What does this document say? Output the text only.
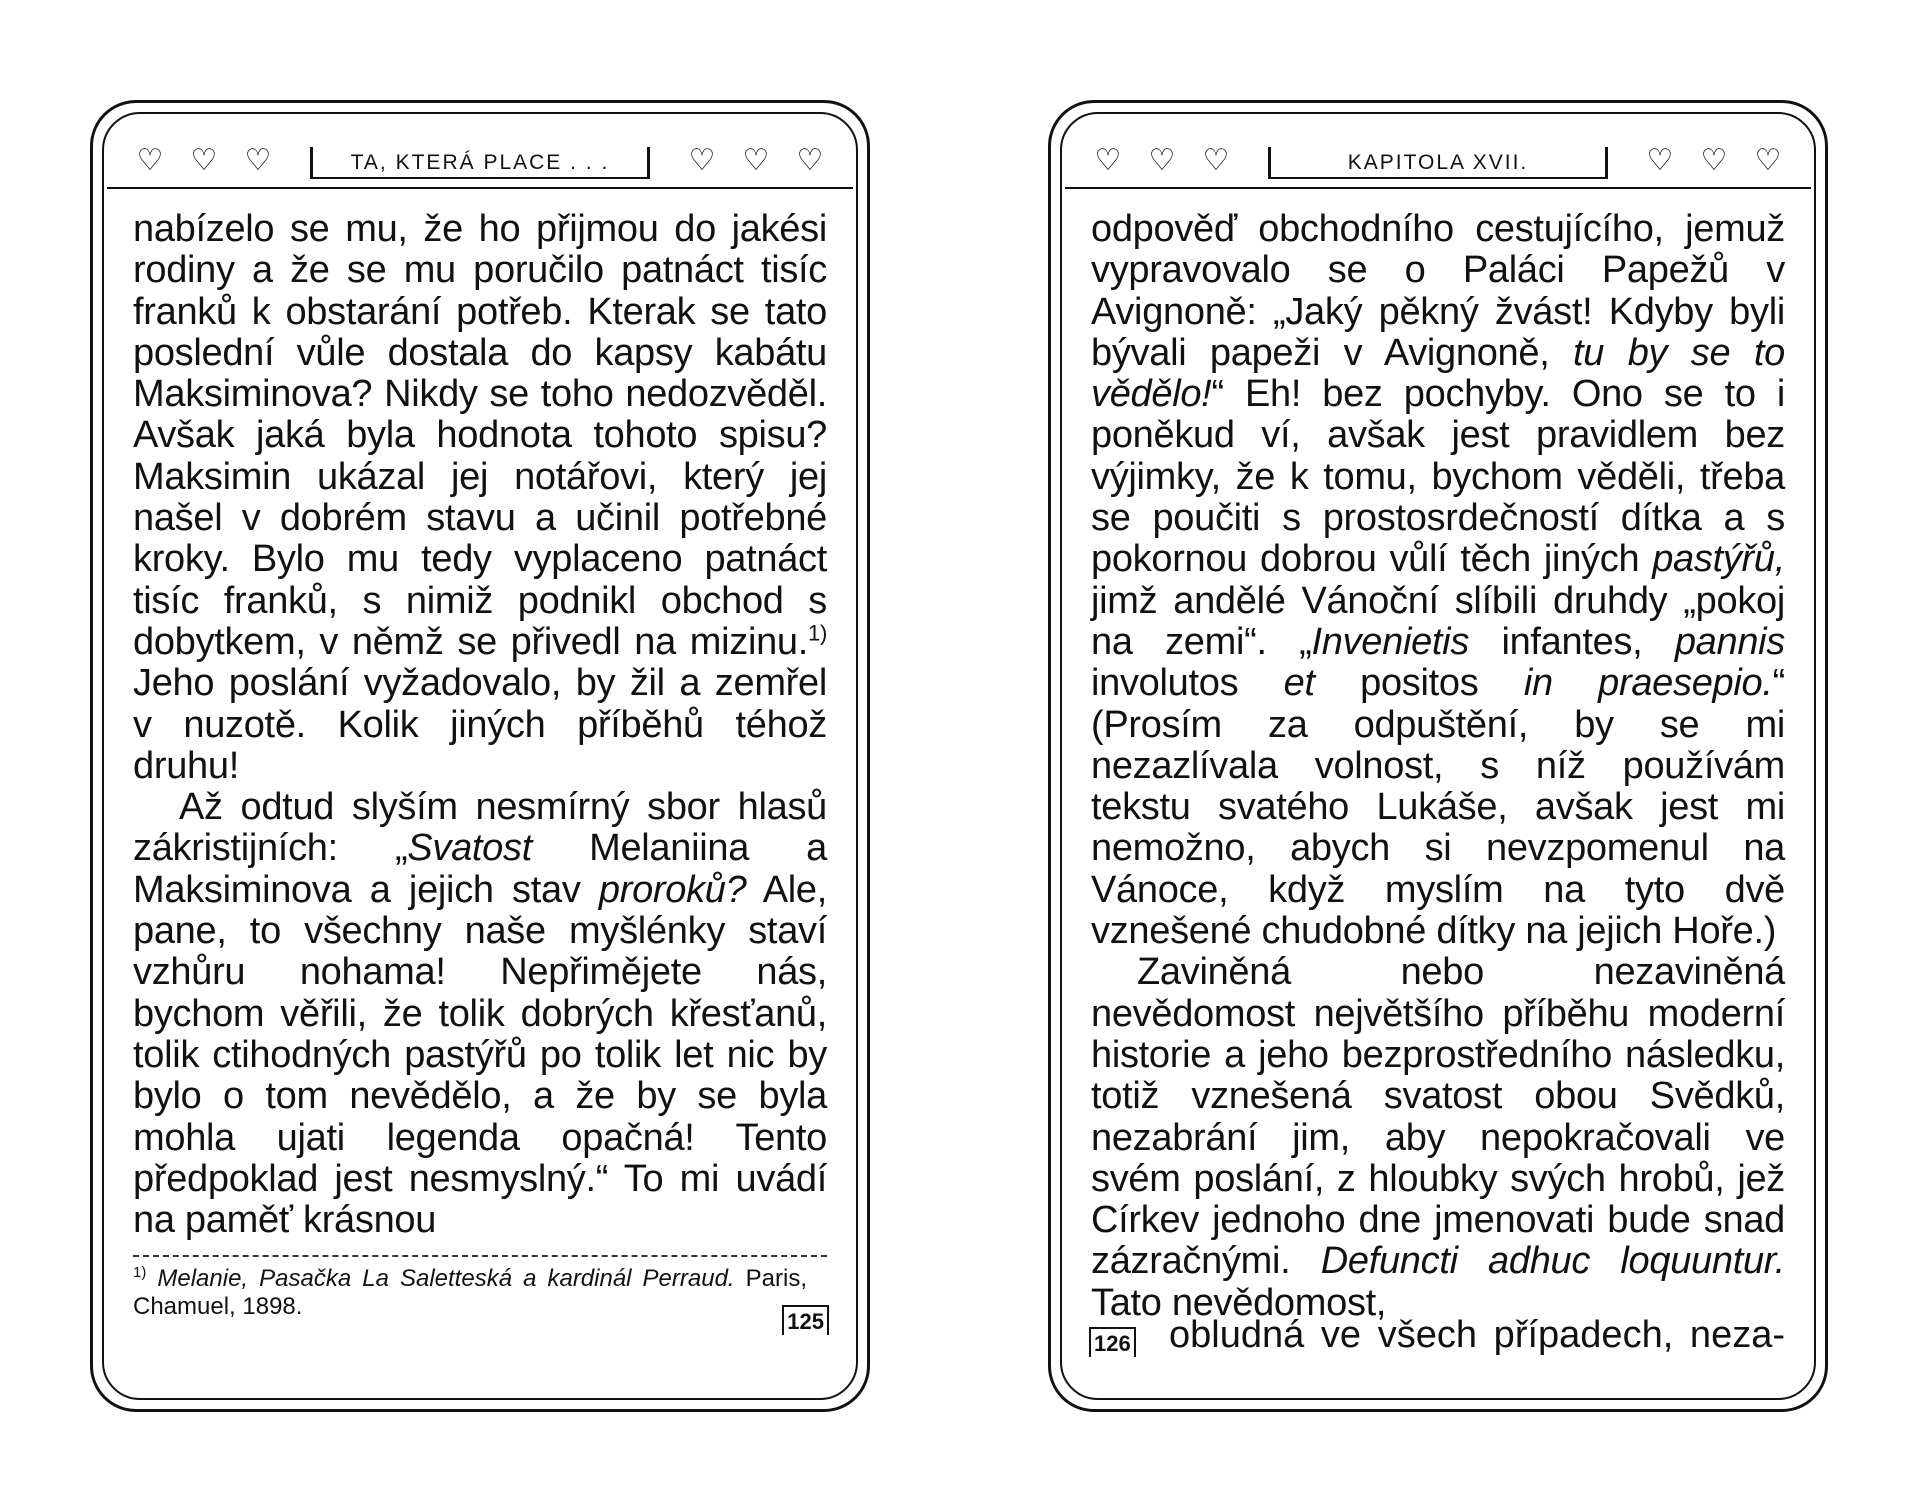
♡ ♡ ♡	TA, KTERÁ PLACE . . .	♡ ♡ ♡

nabízelo se mu, že ho přijmou do jakési rodiny a že se mu poručilo patnáct tisíc franků k obstarání potřeb. Kterak se tato poslední vůle dostala do kapsy kabátu Maksiminova? Nikdy se toho nedozvěděl. Avšak jaká byla hodnota tohoto spisu? Maksimin ukázal jej notářovi, který jej našel v dobrém stavu a učinil potřebné kroky. Bylo mu tedy vyplaceno patnáct tisíc franků, s nimiž podnikl obchod s dobytkem, v němž se přivedl na mizinu.$^{1)}$ Jeho poslání vyžadovalo, by žil a zemřel v nuzotě. Kolik jiných příběhů téhož druhu!

Až odtud slyším nesmírný sbor hlasů zákristijních: „Svatost Melaniina a Maksiminova a jejich stav proroků? Ale, pane, to všechny naše myšlénky staví vzhůru nohama! Nepřimějete nás, bychom věřili, že tolik dobrých křesťanů, tolik ctihodných pastýřů po tolik let nic by bylo o tom nevědělo, a že by se byla mohla ujati legenda opačná! Tento předpoklad jest nesmyslný.“ To mi uvádí na paměť krásnou

$^{1)}$ Melanie, Pasačka La Saletteská a kardinál Perraud. Paris, Chamuel, 1898.
125
♡ ♡ ♡	KAPITOLA XVII.	♡ ♡ ♡

odpověď obchodního cestujícího, jemuž vypravovalo se o Paláci Papežů v Avignoně: „Jaký pěkný žvást! Kdyby byli bývali papeži v Avignoně, tu by se to vědělo!“ Eh! bez pochyby. Ono se to i poněkud ví, avšak jest pravidlem bez výjimky, že k tomu, bychom věděli, třeba se poučiti s prostosrdečností dítka a s pokornou dobrou vůlí těch jiných pastýřů, jimž andělé Vánoční slíbili druhdy „pokoj na zemi“. „Invenietis infantes, pannis involutos et positos in praesepio.“ (Prosím za odpuštění, by se mi nezazlívala volnost, s níž používám tekstu svatého Lukáše, avšak jest mi nemožno, abych si nevzpomenul na Vánoce, když myslím na tyto dvě vznešené chudobné dítky na jejich Hoře.)

Zaviněná nebo nezaviněná nevědomost největšího příběhu moderní historie a jeho bezprostředního následku, totiž vznešená svatost obou Svědků, nezabrání jim, aby nepokračovali ve svém poslání, z hloubky svých hrobů, jež Církev jednoho dne jmenovati bude snad zázračnými. Defuncti adhuc loquuntur. Tato nevědomost,

126 obludná ve všech případech, neza-
